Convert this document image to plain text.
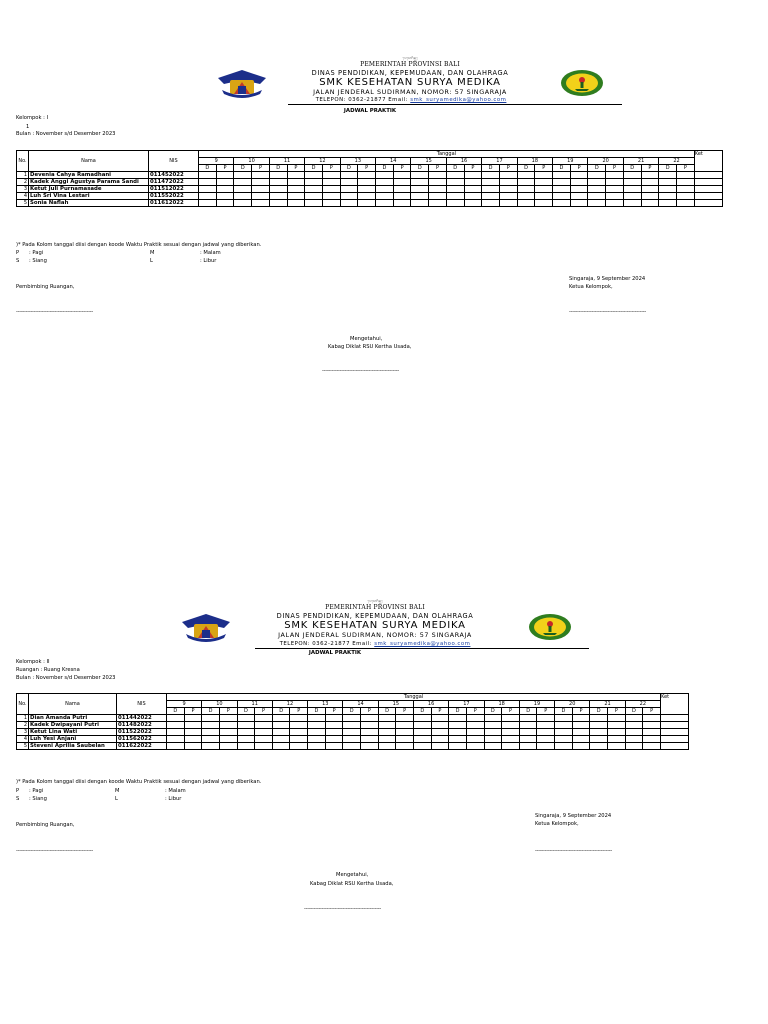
ᬧᬾᬫᬾᬭᬶᬦ᭄ᬢᬄ
PEMERINTAH PROVINSI BALI
DINAS PENDIDIKAN, KEPEMUDAAN, DAN OLAHRAGA
SMK KESEHATAN SURYA MEDIKA
JALAN JENDERAL SUDIRMAN, NOMOR: 57 SINGARAJA
TELEPON: 0362-21877 Email: smk_suryamedika@yahoo.com
JADWAL PRAKTIK
Kelompok : I
1
Bulan : November s/d Desember 2023
No.	Nama	NIS	Tanggal																												Ket
			9		10		11		12		13		14		15		16		17		18		19		20		21		22		
			D	P	D	P	D	P	D	P	D	P	D	P	D	P	D	P	D	P	D	P	D	P	D	P	D	P	D	P	
1	Devenia Cahya Ramadhani	011452022																													
2	Kadek Anggi Agustya Parama Sandi	011472022																													
3	Ketut Juli Purnamasade	011512022																													
4	Luh Sri Vina Lestari	011552022																													
5	Sonia Naflah	011612022																													
)* Pada Kolom tanggal diisi dengan koode Waktu Praktik sesuai dengan jadwal yang diberikan.
P : Pagi	M	: Malam
S : Siang	L	: Libur
Singaraja, 9 September 2024
Ketua Kelompok,
Pembimbing Ruangan,
------------------------------------------------	------------------------------------------------
Mengetahui,
Kabag Diklat RSU Kertha Usada,
------------------------------------------------
ᬧᬾᬫᬾᬭᬶᬦ᭄ᬢᬄ
PEMERINTAH PROVINSI BALI
DINAS PENDIDIKAN, KEPEMUDAAN, DAN OLAHRAGA
SMK KESEHATAN SURYA MEDIKA
JALAN JENDERAL SUDIRMAN, NOMOR: 57 SINGARAJA
TELEPON: 0362-21877 Email: smk_suryamedika@yahoo.com
JADWAL PRAKTIK
Kelompok : II
Ruangan : Ruang Kresna
Bulan : November s/d Desember 2023
No.	Nama	NIS	Tanggal																												Ket
			9		10		11		12		13		14		15		16		17		18		19		20		21		22		
			D	P	D	P	D	P	D	P	D	P	D	P	D	P	D	P	D	P	D	P	D	P	D	P	D	P	D	P	
1	Dian Amanda Putri	011442022																													
2	Kadek Dwipayani Putri	011482022																													
3	Ketut Lina Wati	011522022																													
4	Luh Yesi Anjani	011562022																													
5	Steveni Aprilia Saubelan	011622022																													
)* Pada Kolom tanggal diisi dengan koode Waktu Praktik sesuai dengan jadwal yang diberikan.
P : Pagi	M	: Malam
S : Siang	L	: Libur
Singaraja, 9 September 2024
Ketua Kelompok,
Pembimbing Ruangan,
------------------------------------------------	------------------------------------------------
Mengetahui,
Kabag Diklat RSU Kertha Usada,
------------------------------------------------
